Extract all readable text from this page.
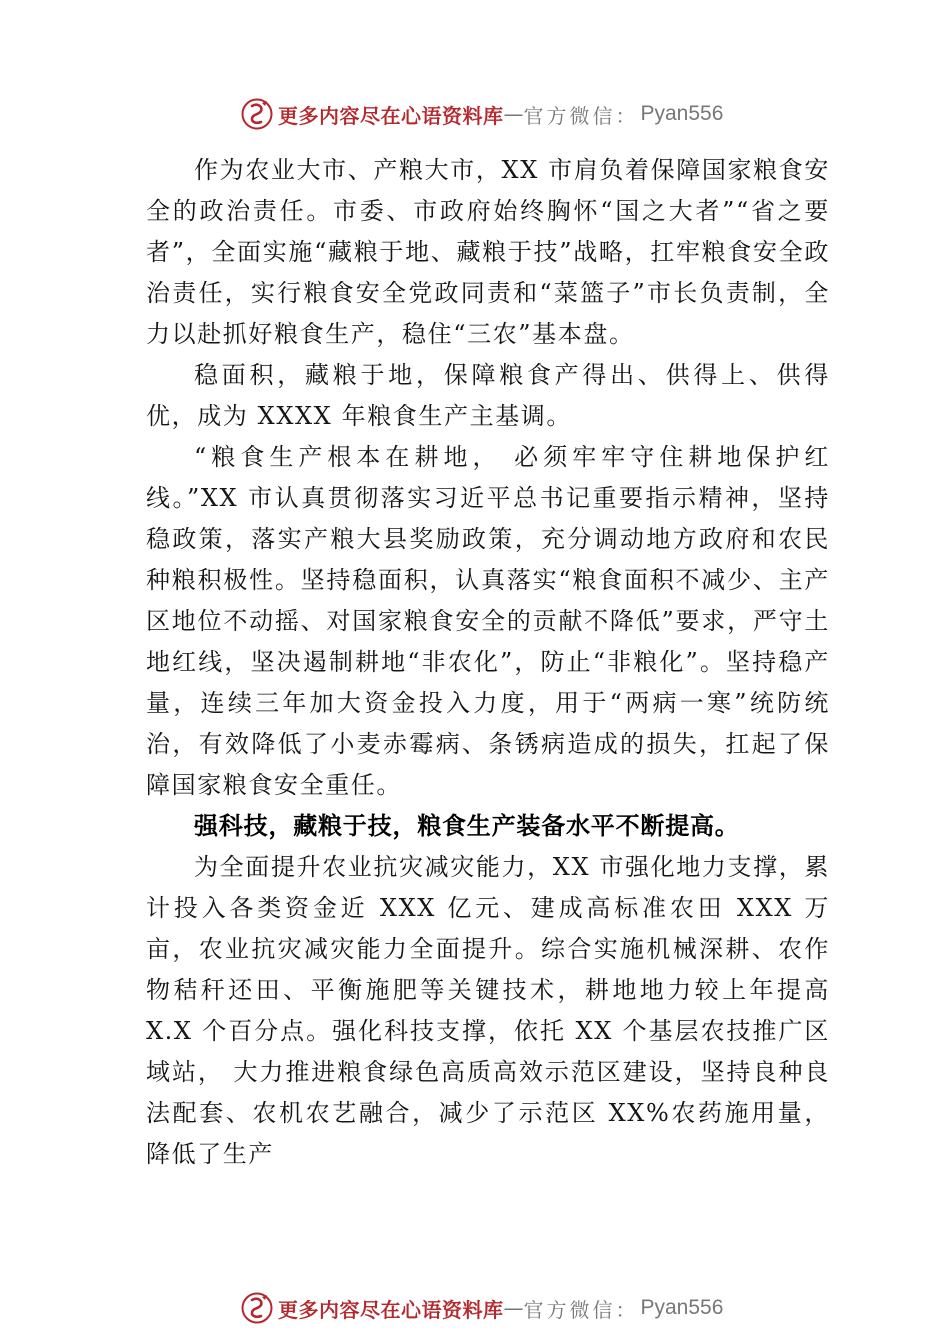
更多内容尽在心语资料库 — 官方微信： Pyan556

作为农业大市、产粮大市，XX 市肩负着保障国家粮食安全的政治责任。市委、市政府始终胸怀“国之大者”“省之要者”，全面实施“藏粮于地、藏粮于技”战略，扛牢粮食安全政治责任，实行粮食安全党政同责和“菜篮子”市长负责制，全力以赴抓好粮食生产，稳住“三农”基本盘。

稳面积，藏粮于地，保障粮食产得出、供得上、供得优，成为 XXXX 年粮食生产主基调。

“粮食生产根本在耕地， 必须牢牢守住耕地保护红线。”XX 市认真贯彻落实习近平总书记重要指示精神，坚持稳政策，落实产粮大县奖励政策，充分调动地方政府和农民种粮积极性。坚持稳面积，认真落实“粮食面积不减少、主产区地位不动摇、对国家粮食安全的贡献不降低”要求，严守土地红线，坚决遏制耕地“非农化”，防止“非粮化”。坚持稳产量，连续三年加大资金投入力度，用于“两病一寒”统防统治，有效降低了小麦赤霉病、条锈病造成的损失，扛起了保障国家粮食安全重任。

强科技，藏粮于技，粮食生产装备水平不断提高。

为全面提升农业抗灾减灾能力，XX 市强化地力支撑，累计投入各类资金近 XXX 亿元、建成高标准农田 XXX 万亩，农业抗灾减灾能力全面提升。综合实施机械深耕、农作物秸秆还田、平衡施肥等关键技术，耕地地力较上年提高 X.X 个百分点。强化科技支撑，依托 XX 个基层农技推广区域站， 大力推进粮食绿色高质高效示范区建设，坚持良种良法配套、农机农艺融合，减少了示范区 XX%农药施用量，降低了生产

更多内容尽在心语资料库 — 官方微信： Pyan556
